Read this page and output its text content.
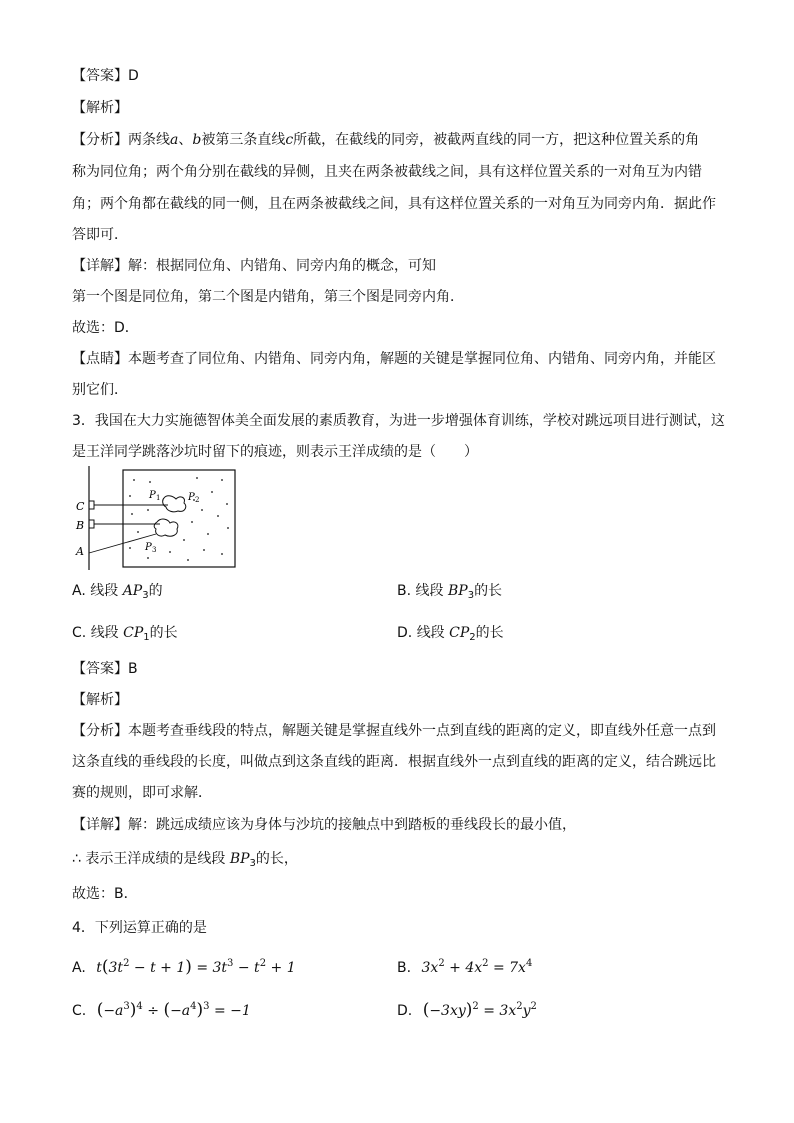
【答案】D
【解析】
【分析】两条线a、b被第三条直线c所截，在截线的同旁，被截两直线的同一方，把这种位置关系的角
称为同位角；两个角分别在截线的异侧，且夹在两条被截线之间，具有这样位置关系的一对角互为内错
角；两个角都在截线的同一侧，且在两条被截线之间，具有这样位置关系的一对角互为同旁内角．据此作
答即可．
【详解】解：根据同位角、内错角、同旁内角的概念，可知
第一个图是同位角，第二个图是内错角，第三个图是同旁内角．
故选：D．
【点睛】本题考查了同位角、内错角、同旁内角，解题的关键是掌握同位角、内错角、同旁内角，并能区
别它们．
3．我国在大力实施德智体美全面发展的素质教育，为进一步增强体育训练，学校对跳远项目进行测试，这
是王洋同学跳落沙坑时留下的痕迹，则表示王洋成绩的是（　　）
C
B
A
P 1	P 2
P 3
A. 线段 $AP_3$的	B. 线段 $BP_3$的长
C. 线段 $CP_1$的长	D. 线段 $CP_2$的长
【答案】B
【解析】
【分析】本题考查垂线段的特点，解题关键是掌握直线外一点到直线的距离的定义，即直线外任意一点到
这条直线的垂线段的长度，叫做点到这条直线的距离．根据直线外一点到直线的距离的定义，结合跳远比
赛的规则，即可求解．
【详解】解：跳远成绩应该为身体与沙坑的接触点中到踏板的垂线段长的最小值，
∴ 表示王洋成绩的是线段 $BP_3$的长，
故选：B．
4．下列运算正确的是
A. $t(3t^2 - t + 1) = 3t^3 - t^2 + 1$	B. $3x^2 + 4x^2 = 7x^4$
C. $(-a^3)^4 \div (-a^4)^3 = -1$	D. $(-3xy)^2 = 3x^2y^2$
